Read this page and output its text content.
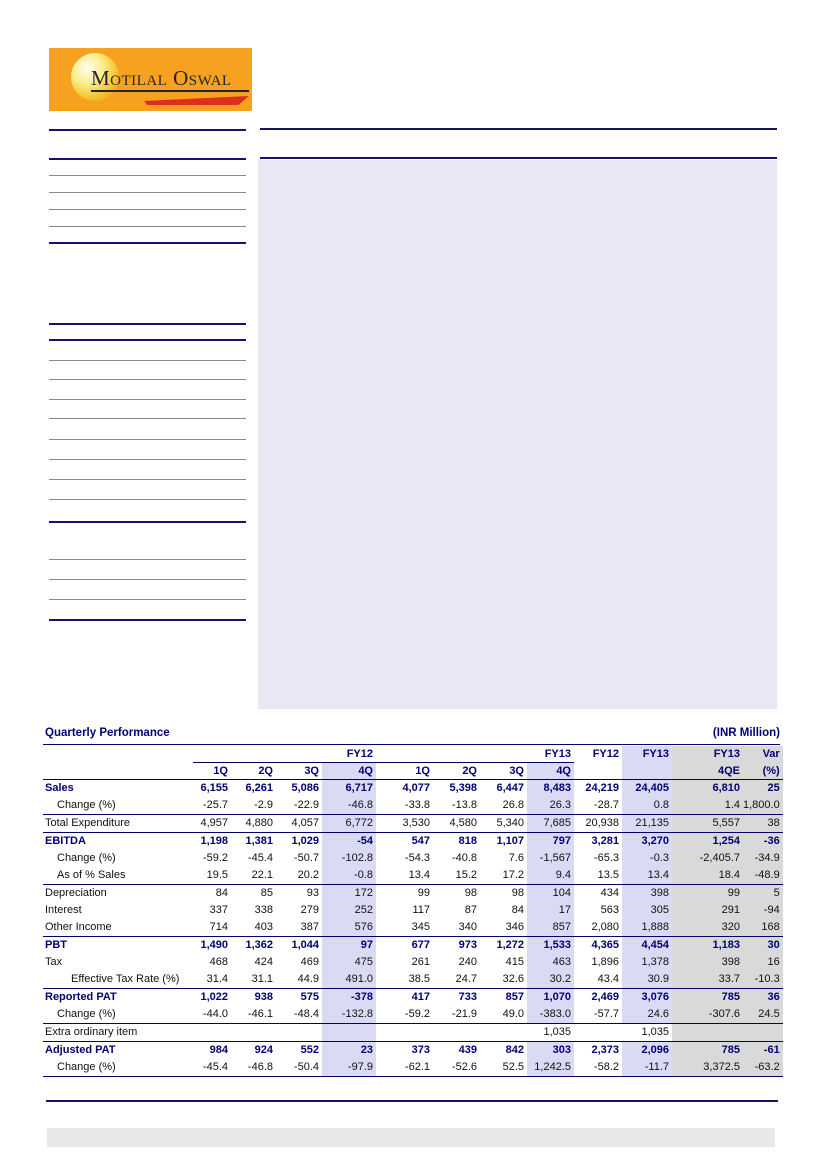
Motilal Oswal
Quarterly Performance	(INR Million)
	FY12				FY13				FY12	FY13	FY13	Var
	1Q	2Q	3Q	4Q	1Q	2Q	3Q	4Q			4QE	(%)
Sales	6,155	6,261	5,086	6,717	4,077	5,398	6,447	8,483	24,219	24,405	6,810	25
Change (%)	-25.7	-2.9	-22.9	-46.8	-33.8	-13.8	26.8	26.3	-28.7	0.8	1.4	1,800.0
Total Expenditure	4,957	4,880	4,057	6,772	3,530	4,580	5,340	7,685	20,938	21,135	5,557	38
EBITDA	1,198	1,381	1,029	-54	547	818	1,107	797	3,281	3,270	1,254	-36
Change (%)	-59.2	-45.4	-50.7	-102.8	-54.3	-40.8	7.6	-1,567	-65.3	-0.3	-2,405.7	-34.9
As of % Sales	19.5	22.1	20.2	-0.8	13.4	15.2	17.2	9.4	13.5	13.4	18.4	-48.9
Depreciation	84	85	93	172	99	98	98	104	434	398	99	5
Interest	337	338	279	252	117	87	84	17	563	305	291	-94
Other Income	714	403	387	576	345	340	346	857	2,080	1,888	320	168
PBT	1,490	1,362	1,044	97	677	973	1,272	1,533	4,365	4,454	1,183	30
Tax	468	424	469	475	261	240	415	463	1,896	1,378	398	16
Effective Tax Rate (%)	31.4	31.1	44.9	491.0	38.5	24.7	32.6	30.2	43.4	30.9	33.7	-10.3
Reported PAT	1,022	938	575	-378	417	733	857	1,070	2,469	3,076	785	36
Change (%)	-44.0	-46.1	-48.4	-132.8	-59.2	-21.9	49.0	-383.0	-57.7	24.6	-307.6	24.5
Extra ordinary item								1,035		1,035		
Adjusted PAT	984	924	552	23	373	439	842	303	2,373	2,096	785	-61
Change (%)	-45.4	-46.8	-50.4	-97.9	-62.1	-52.6	52.5	1,242.5	-58.2	-11.7	3,372.5	-63.2
